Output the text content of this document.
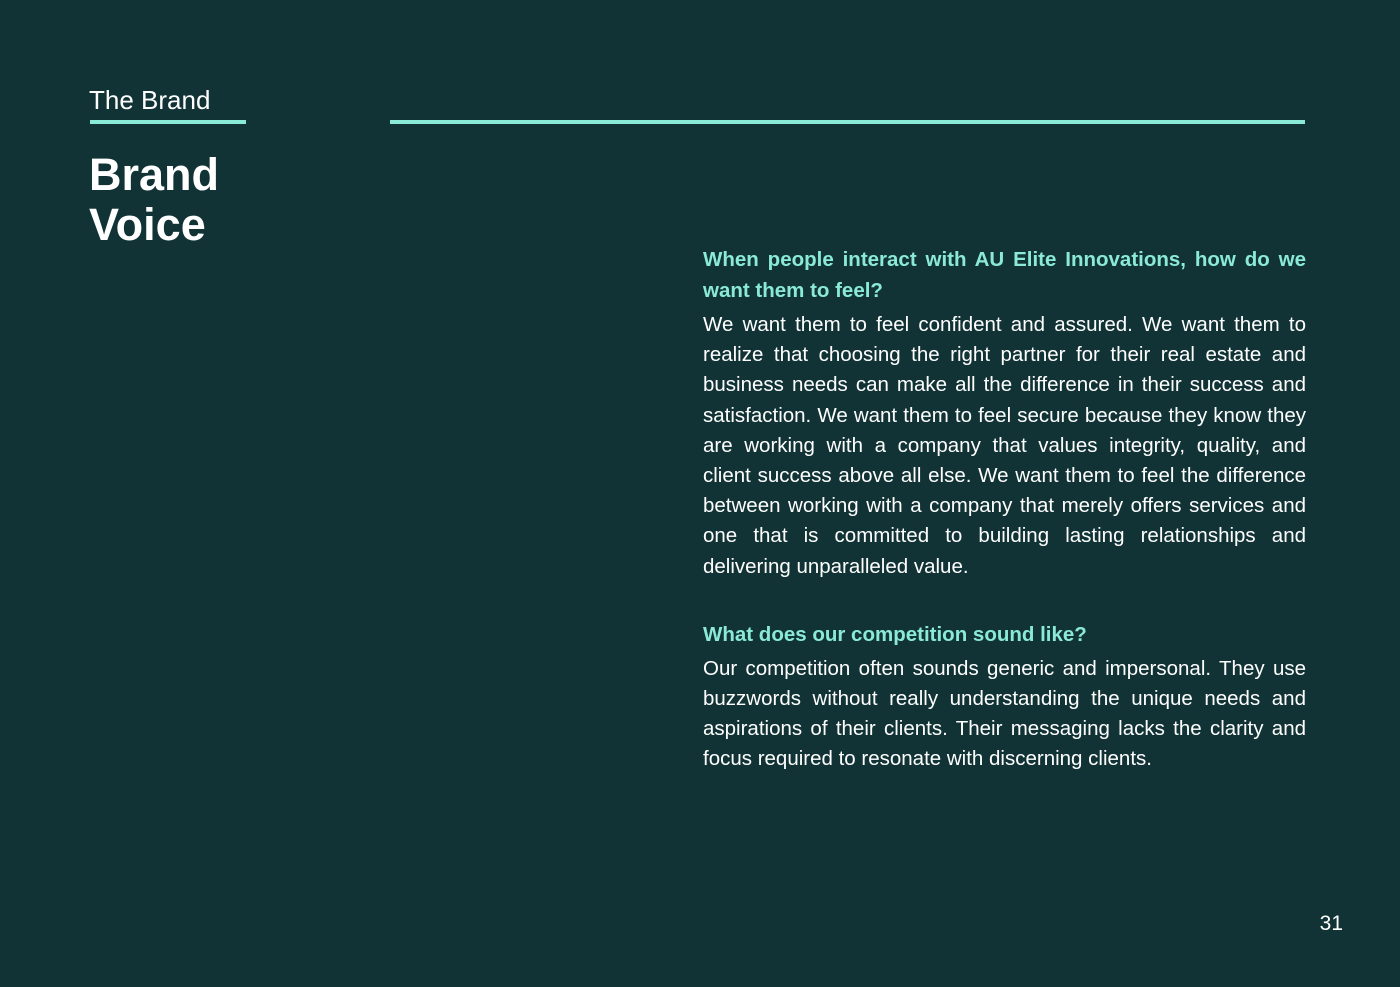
The Brand
Brand
Voice

When people interact with AU Elite Innovations, how do we want them to feel?

We want them to feel confident and assured. We want them to realize that choosing the right partner for their real estate and business needs can make all the difference in their success and satisfaction. We want them to feel secure because they know they are working with a company that values integrity, quality, and client success above all else. We want them to feel the difference between working with a company that merely offers services and one that is committed to building lasting relationships and delivering unparalleled value.

What does our competition sound like?

Our competition often sounds generic and impersonal. They use buzzwords without really understanding the unique needs and aspirations of their clients. Their messaging lacks the clarity and focus required to resonate with discerning clients.

31
